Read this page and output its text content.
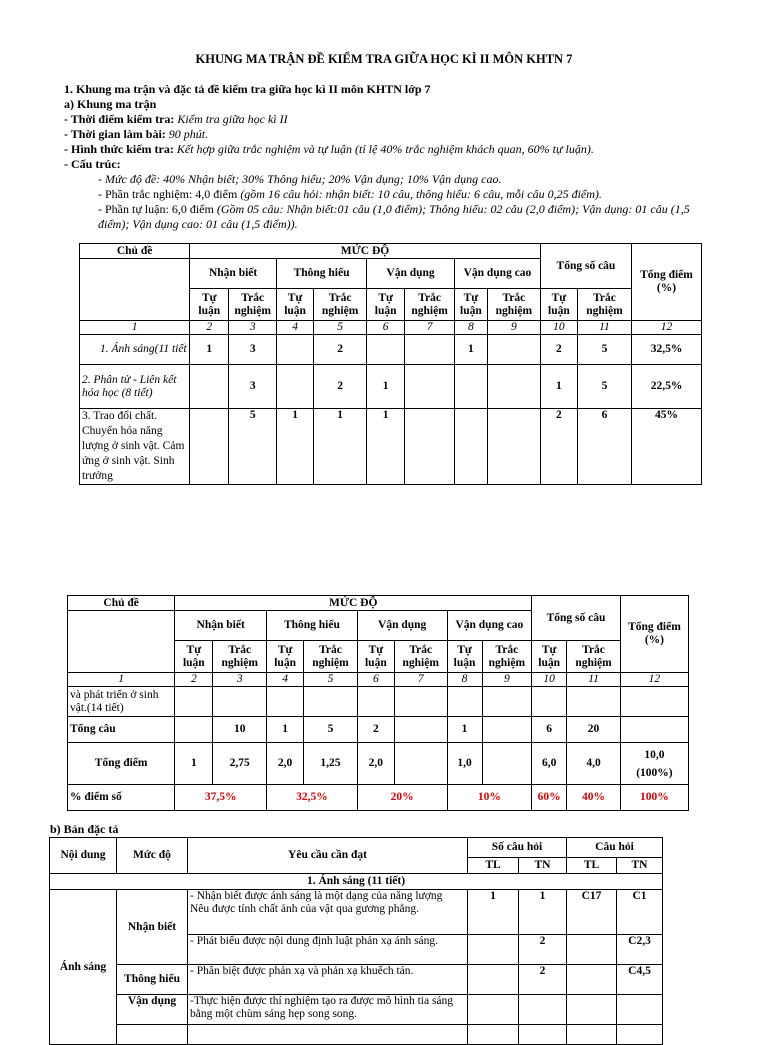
KHUNG MA TRẬN ĐỀ KIỂM TRA GIỮA HỌC KÌ II MÔN KHTN 7
1. Khung ma trận và đặc tả đề kiểm tra giữa học kì II môn KHTN lớp 7
a) Khung ma trận
- Thời điểm kiểm tra: Kiểm tra giữa học kì II
- Thời gian làm bài: 90 phút.
- Hình thức kiểm tra: Kết hợp giữa trắc nghiệm và tự luận (tỉ lệ 40% trắc nghiệm khách quan, 60% tự luận).
- Cấu trúc:
- Mức độ đề: 40% Nhận biết; 30% Thông hiểu; 20% Vận dụng; 10% Vận dụng cao.
- Phần trắc nghiệm: 4,0 điểm (gồm 16 câu hỏi: nhận biết: 10 câu, thông hiểu: 6 câu, mỗi câu 0,25 điểm).
- Phần tự luận: 6,0 điểm (Gồm 05 câu: Nhận biết:01 câu (1,0 điểm); Thông hiểu: 02 câu (2,0 điểm); Vận dụng: 01 câu (1,5 điểm); Vận dụng cao: 01 câu (1,5 điểm)).
Chủ đề	MỨC ĐỘ								Tổng số câu		Tổng điểm (%)
	Nhận biết		Thông hiểu		Vận dụng		Vận dụng cao				
	Tự luận	Trắc nghiệm	Tự luận	Trắc nghiệm	Tự luận	Trắc nghiệm	Tự luận	Trắc nghiệm	Tự luận	Trắc nghiệm	
1	2	3	4	5	6	7	8	9	10	11	12
1. Ánh sáng(11 tiết	1	3		2			1		2	5	32,5%
2. Phân tử - Liên kết hóa học (8 tiết)		3		2	1				1	5	22,5%
3. Trao đổi chất. Chuyển hóa năng lượng ở sinh vật. Cảm ứng ở sinh vật. Sinh trưởng		5	1	1	1				2	6	45%
Chủ đề	MỨC ĐỘ								Tổng số câu		Tổng điểm (%)
	Nhận biết		Thông hiểu		Vận dụng		Vận dụng cao				
	Tự luận	Trắc nghiệm	Tự luận	Trắc nghiệm	Tự luận	Trắc nghiệm	Tự luận	Trắc nghiệm	Tự luận	Trắc nghiệm	
1	2	3	4	5	6	7	8	9	10	11	12
và phát triển ở sinh vật.(14 tiết)											
Tổng câu		10	1	5	2		1		6	20	
Tổng điểm	1	2,75	2,0	1,25	2,0		1,0		6,0	4,0	10,0
(100%)

% điểm số	37,5%		32,5%		20%		10%		60%	40%	100%
b) Bản đặc tả
Nội dung	Mức độ	Yêu cầu cần đạt	Số câu hỏi		Câu hỏi	
			TL	TN	TL	TN
1. Ánh sáng (11 tiết)						
Ánh sáng	Nhận biết	- Nhận biết được ánh sáng là một dạng của năng lượng
Nêu được tính chất ảnh của vật qua gương phẳng.	1	1	C17	C1
		- Phát biểu được nội dung định luật phản xạ ánh sáng.		2		C2,3
	Thông hiểu	- Phân biệt được phản xạ và phản xạ khuếch tán.		2		C4,5
	Vận dụng	-Thực hiện được thí nghiệm tạo ra được mô hình tia sáng bằng một chùm sáng hẹp song song.				
